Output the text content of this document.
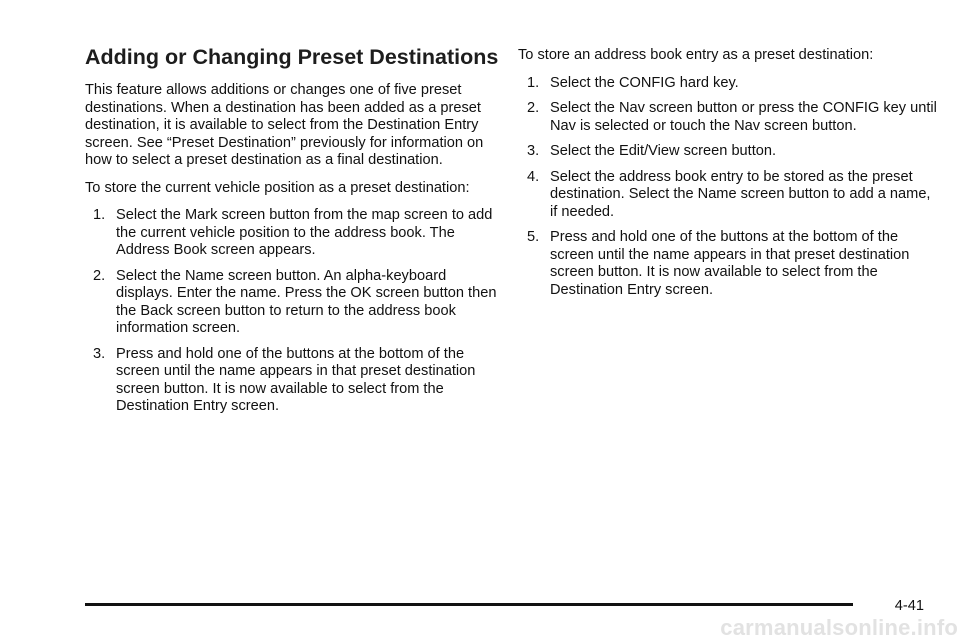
Adding or Changing Preset Destinations

This feature allows additions or changes one of five preset destinations. When a destination has been added as a preset destination, it is available to select from the Destination Entry screen. See “Preset Destination” previously for information on how to select a preset destination as a final destination.

To store the current vehicle position as a preset destination:

1. Select the Mark screen button from the map screen to add the current vehicle position to the address book. The Address Book screen appears.
2. Select the Name screen button. An alpha-keyboard displays. Enter the name. Press the OK screen button then the Back screen button to return to the address book information screen.
3. Press and hold one of the buttons at the bottom of the screen until the name appears in that preset destination screen button. It is now available to select from the Destination Entry screen.

To store an address book entry as a preset destination:

1. Select the CONFIG hard key.
2. Select the Nav screen button or press the CONFIG key until Nav is selected or touch the Nav screen button.
3. Select the Edit/View screen button.
4. Select the address book entry to be stored as the preset destination. Select the Name screen button to add a name, if needed.
5. Press and hold one of the buttons at the bottom of the screen until the name appears in that preset destination screen button. It is now available to select from the Destination Entry screen.
4-41
carmanualsonline.info
